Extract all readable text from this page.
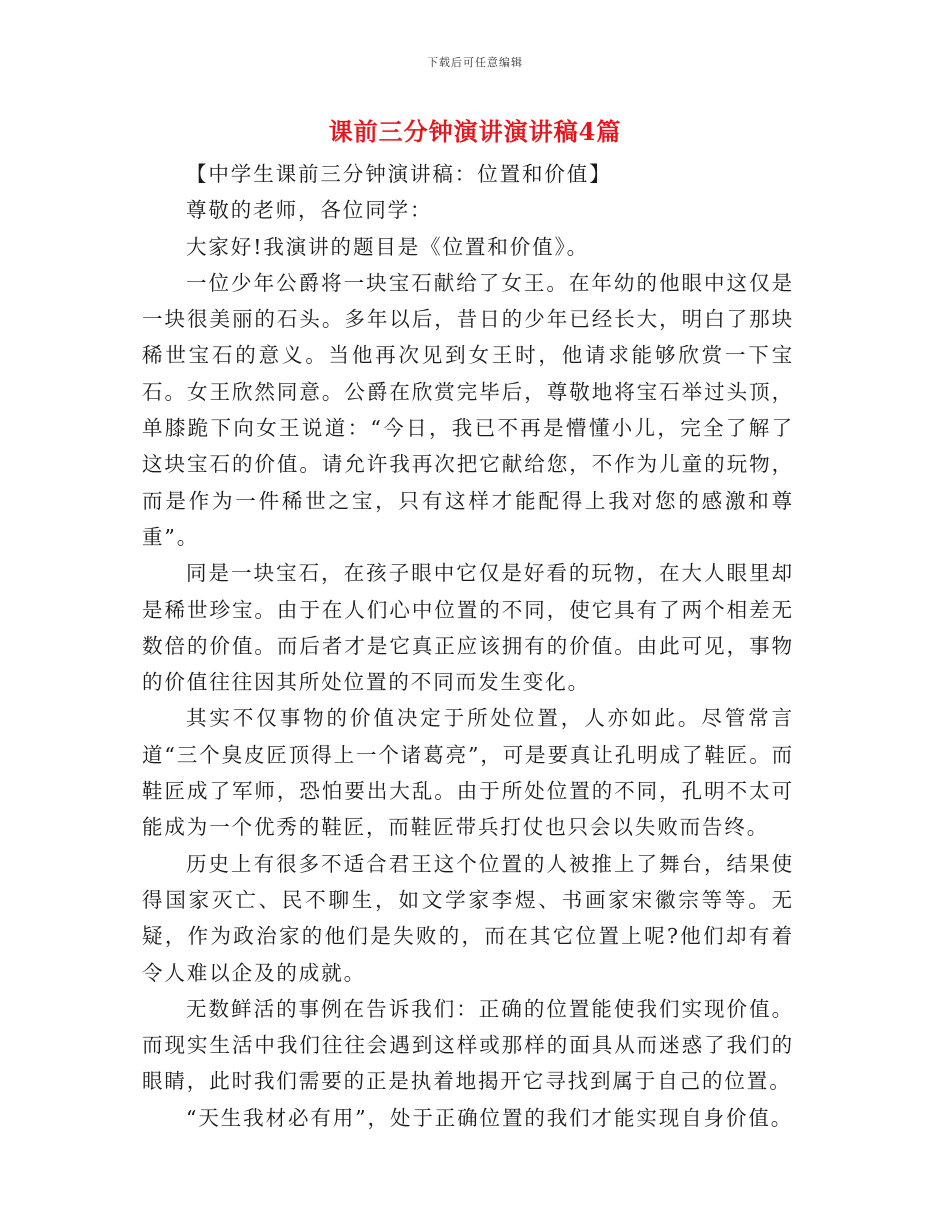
下载后可任意编辑
课前三分钟演讲演讲稿4篇

【中学生课前三分钟演讲稿：位置和价值】

尊敬的老师，各位同学：

大家好!我演讲的题目是《位置和价值》。

一位少年公爵将一块宝石献给了女王。在年幼的他眼中这仅是一块很美丽的石头。多年以后，昔日的少年已经长大，明白了那块稀世宝石的意义。当他再次见到女王时，他请求能够欣赏一下宝石。女王欣然同意。公爵在欣赏完毕后，尊敬地将宝石举过头顶，单膝跪下向女王说道：“今日，我已不再是懵懂小儿，完全了解了这块宝石的价值。请允许我再次把它献给您，不作为儿童的玩物，而是作为一件稀世之宝，只有这样才能配得上我对您的感激和尊重”。

同是一块宝石，在孩子眼中它仅是好看的玩物，在大人眼里却是稀世珍宝。由于在人们心中位置的不同，使它具有了两个相差无数倍的价值。而后者才是它真正应该拥有的价值。由此可见，事物的价值往往因其所处位置的不同而发生变化。

其实不仅事物的价值决定于所处位置，人亦如此。尽管常言道“三个臭皮匠顶得上一个诸葛亮”，可是要真让孔明成了鞋匠。而鞋匠成了军师，恐怕要出大乱。由于所处位置的不同，孔明不太可能成为一个优秀的鞋匠，而鞋匠带兵打仗也只会以失败而告终。

历史上有很多不适合君王这个位置的人被推上了舞台，结果使得国家灭亡、民不聊生，如文学家李煜、书画家宋徽宗等等。无疑，作为政治家的他们是失败的，而在其它位置上呢?他们却有着令人难以企及的成就。

无数鲜活的事例在告诉我们：正确的位置能使我们实现价值。而现实生活中我们往往会遇到这样或那样的面具从而迷惑了我们的眼睛，此时我们需要的正是执着地揭开它寻找到属于自己的位置。

“天生我材必有用”，处于正确位置的我们才能实现自身价值。
